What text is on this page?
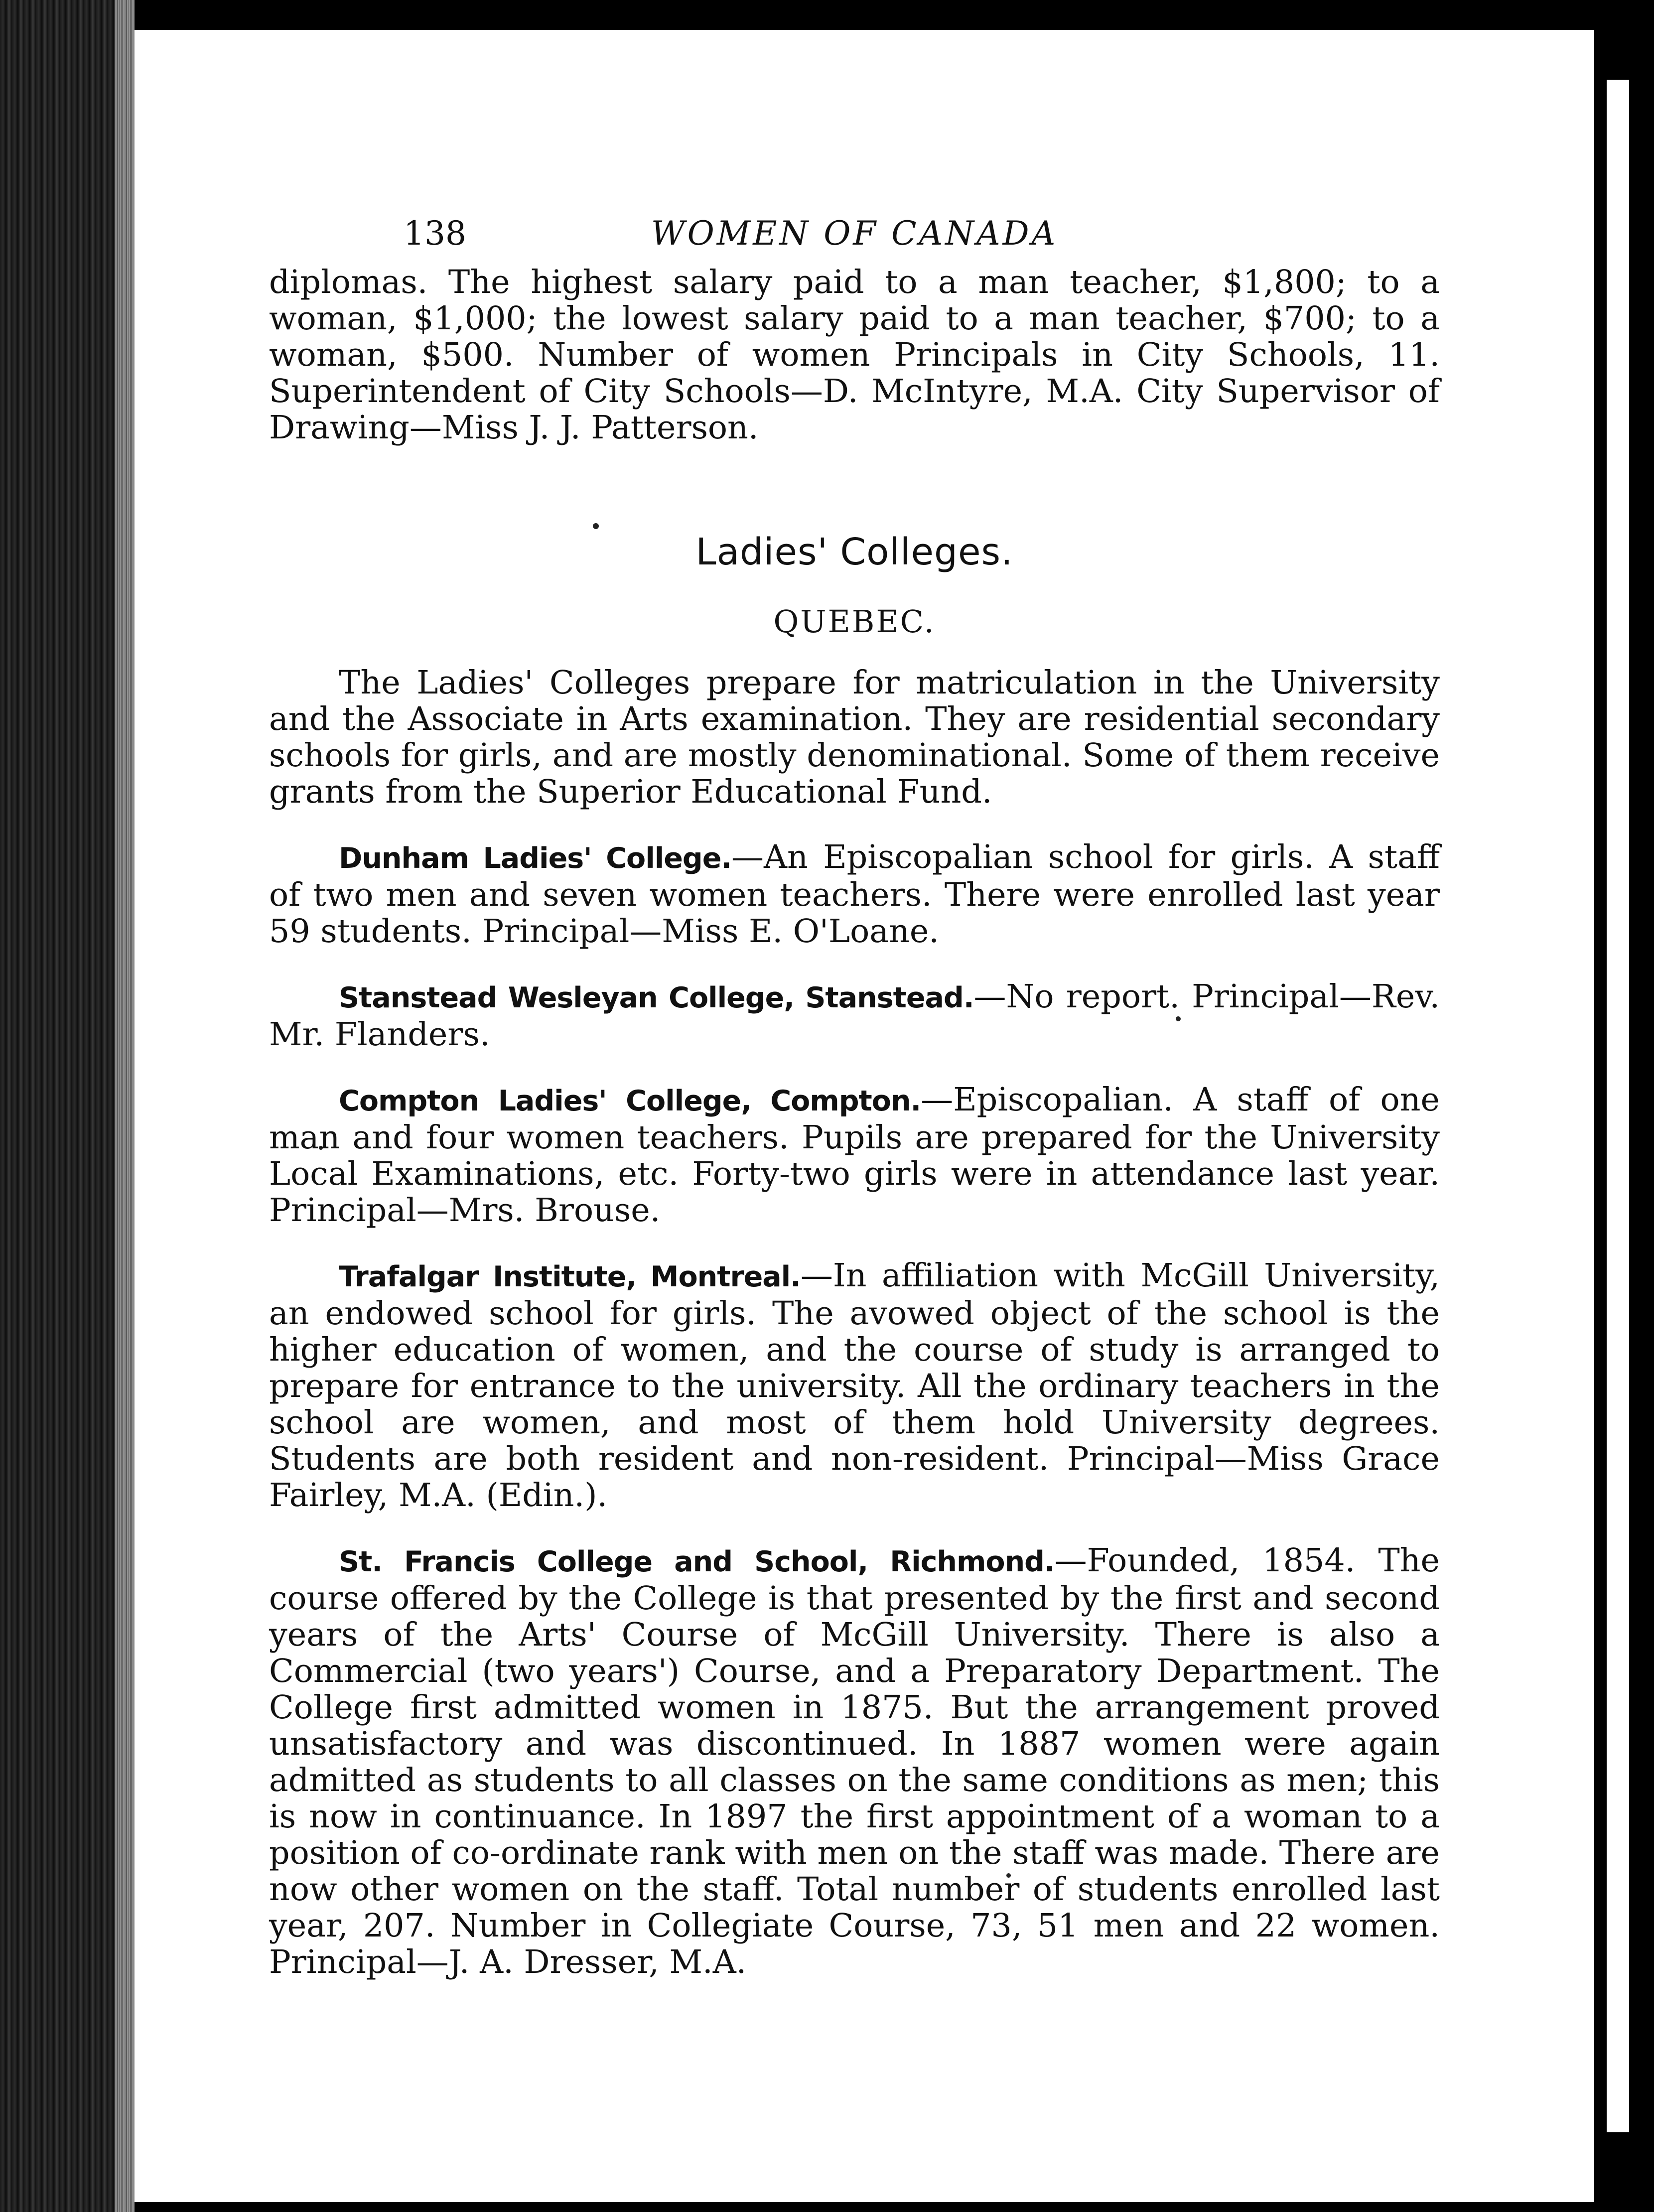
138	WOMEN OF CANADA

diplomas. The highest salary paid to a man teacher, $1,800; to a woman, $1,000; the lowest salary paid to a man teacher, $700; to a woman, $500. Number of women Principals in City Schools, 11. Superintendent of City Schools—D. McIntyre, M.A. City Supervisor of Drawing—Miss J. J. Patterson.

Ladies' Colleges.
QUEBEC.

The Ladies' Colleges prepare for matriculation in the University and the Associate in Arts examination. They are residential secondary schools for girls, and are mostly denominational. Some of them receive grants from the Superior Educational Fund.

Dunham Ladies' College.—An Episcopalian school for girls. A staff of two men and seven women teachers. There were enrolled last year 59 students. Principal—Miss E. O'Loane.

Stanstead Wesleyan College, Stanstead.—No report. Principal—Rev. Mr. Flanders.

Compton Ladies' College, Compton.—Episcopalian. A staff of one man and four women teachers. Pupils are prepared for the University Local Examinations, etc. Forty-two girls were in attendance last year. Principal—Mrs. Brouse.

Trafalgar Institute, Montreal.—In affiliation with McGill University, an endowed school for girls. The avowed object of the school is the higher education of women, and the course of study is arranged to prepare for entrance to the university. All the ordinary teachers in the school are women, and most of them hold University degrees. Students are both resident and non-resident. Principal—Miss Grace Fairley, M.A. (Edin.).

St. Francis College and School, Richmond.—Founded, 1854. The course offered by the College is that presented by the first and second years of the Arts' Course of McGill University. There is also a Commercial (two years') Course, and a Preparatory Department. The College first admitted women in 1875. But the arrangement proved unsatisfactory and was discontinued. In 1887 women were again admitted as students to all classes on the same conditions as men; this is now in continuance. In 1897 the first appointment of a woman to a position of co-ordinate rank with men on the staff was made. There are now other women on the staff. Total number of students enrolled last year, 207. Number in Collegiate Course, 73, 51 men and 22 women. Principal—J. A. Dresser, M.A.
